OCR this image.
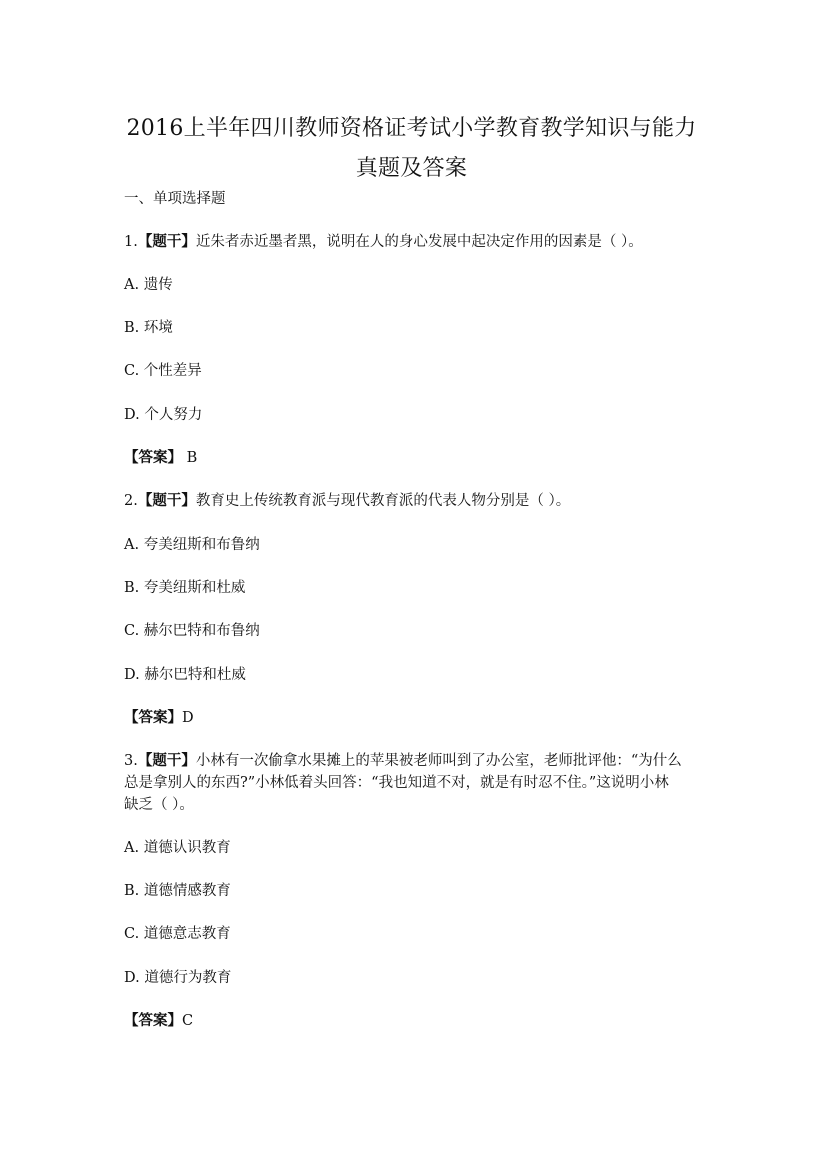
2016上半年四川教师资格证考试小学教育教学知识与能力
真题及答案
一、单项选择题
1.【题干】近朱者赤近墨者黑，说明在人的身心发展中起决定作用的因素是（ ）。
A. 遗传
B. 环境
C. 个性差异
D. 个人努力
【答案】 B
2.【题干】教育史上传统教育派与现代教育派的代表人物分别是（ ）。
A. 夸美纽斯和布鲁纳
B. 夸美纽斯和杜威
C. 赫尔巴特和布鲁纳
D. 赫尔巴特和杜威
【答案】D
3.【题干】小林有一次偷拿水果摊上的苹果被老师叫到了办公室，老师批评他：“为什么
总是拿别人的东西?”小林低着头回答：“我也知道不对，就是有时忍不住。”这说明小林
缺乏（ ）。
A. 道德认识教育
B. 道德情感教育
C. 道德意志教育
D. 道德行为教育
【答案】C
